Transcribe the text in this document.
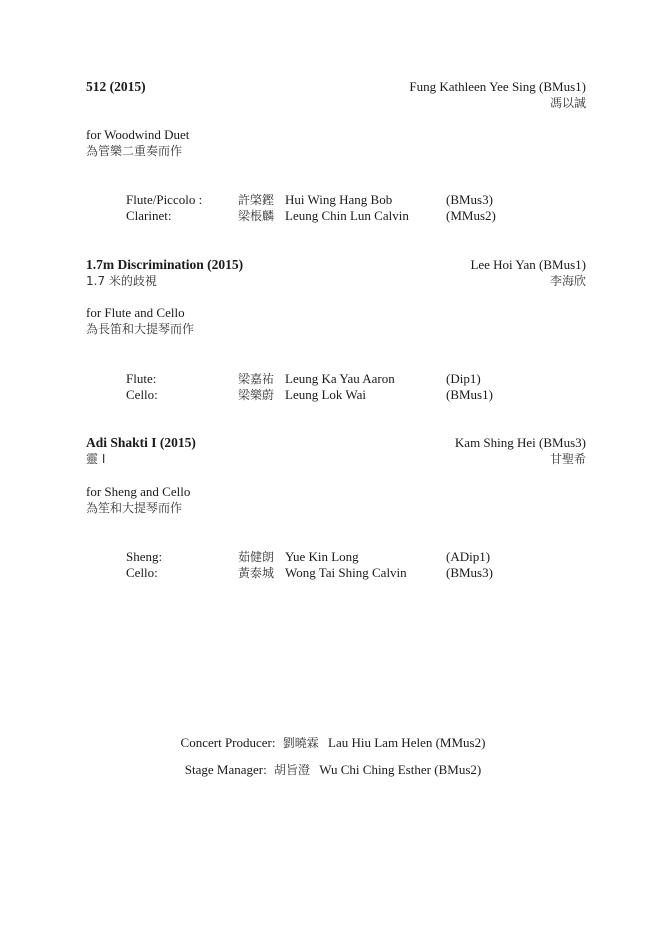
512 (2015)	Fung Kathleen Yee Sing (BMus1)
馮以誠
for Woodwind Duet
為管樂二重奏而作
Flute/Piccolo :	許棨鏗 Hui Wing Hang Bob	(BMus3)
Clarinet:	梁棖麟 Leung Chin Lun Calvin	(MMus2)
1.7m Discrimination (2015)	Lee Hoi Yan (BMus1)
1.7 米的歧視	李海欣
for Flute and Cello
為長笛和大提琴而作
Flute:	梁嘉祐 Leung Ka Yau Aaron	(Dip1)
Cello:	梁樂蔚 Leung Lok Wai	(BMus1)
Adi Shakti I (2015)	Kam Shing Hei (BMus3)
靈 I	甘聖希
for Sheng and Cello
為笙和大提琴而作
Sheng:	茹健朗 Yue Kin Long	(ADip1)
Cello:	黃泰城 Wong Tai Shing Calvin	(BMus3)
Concert Producer: 劉曉霖 Lau Hiu Lam Helen (MMus2)
Stage Manager: 胡旨澄 Wu Chi Ching Esther (BMus2)
